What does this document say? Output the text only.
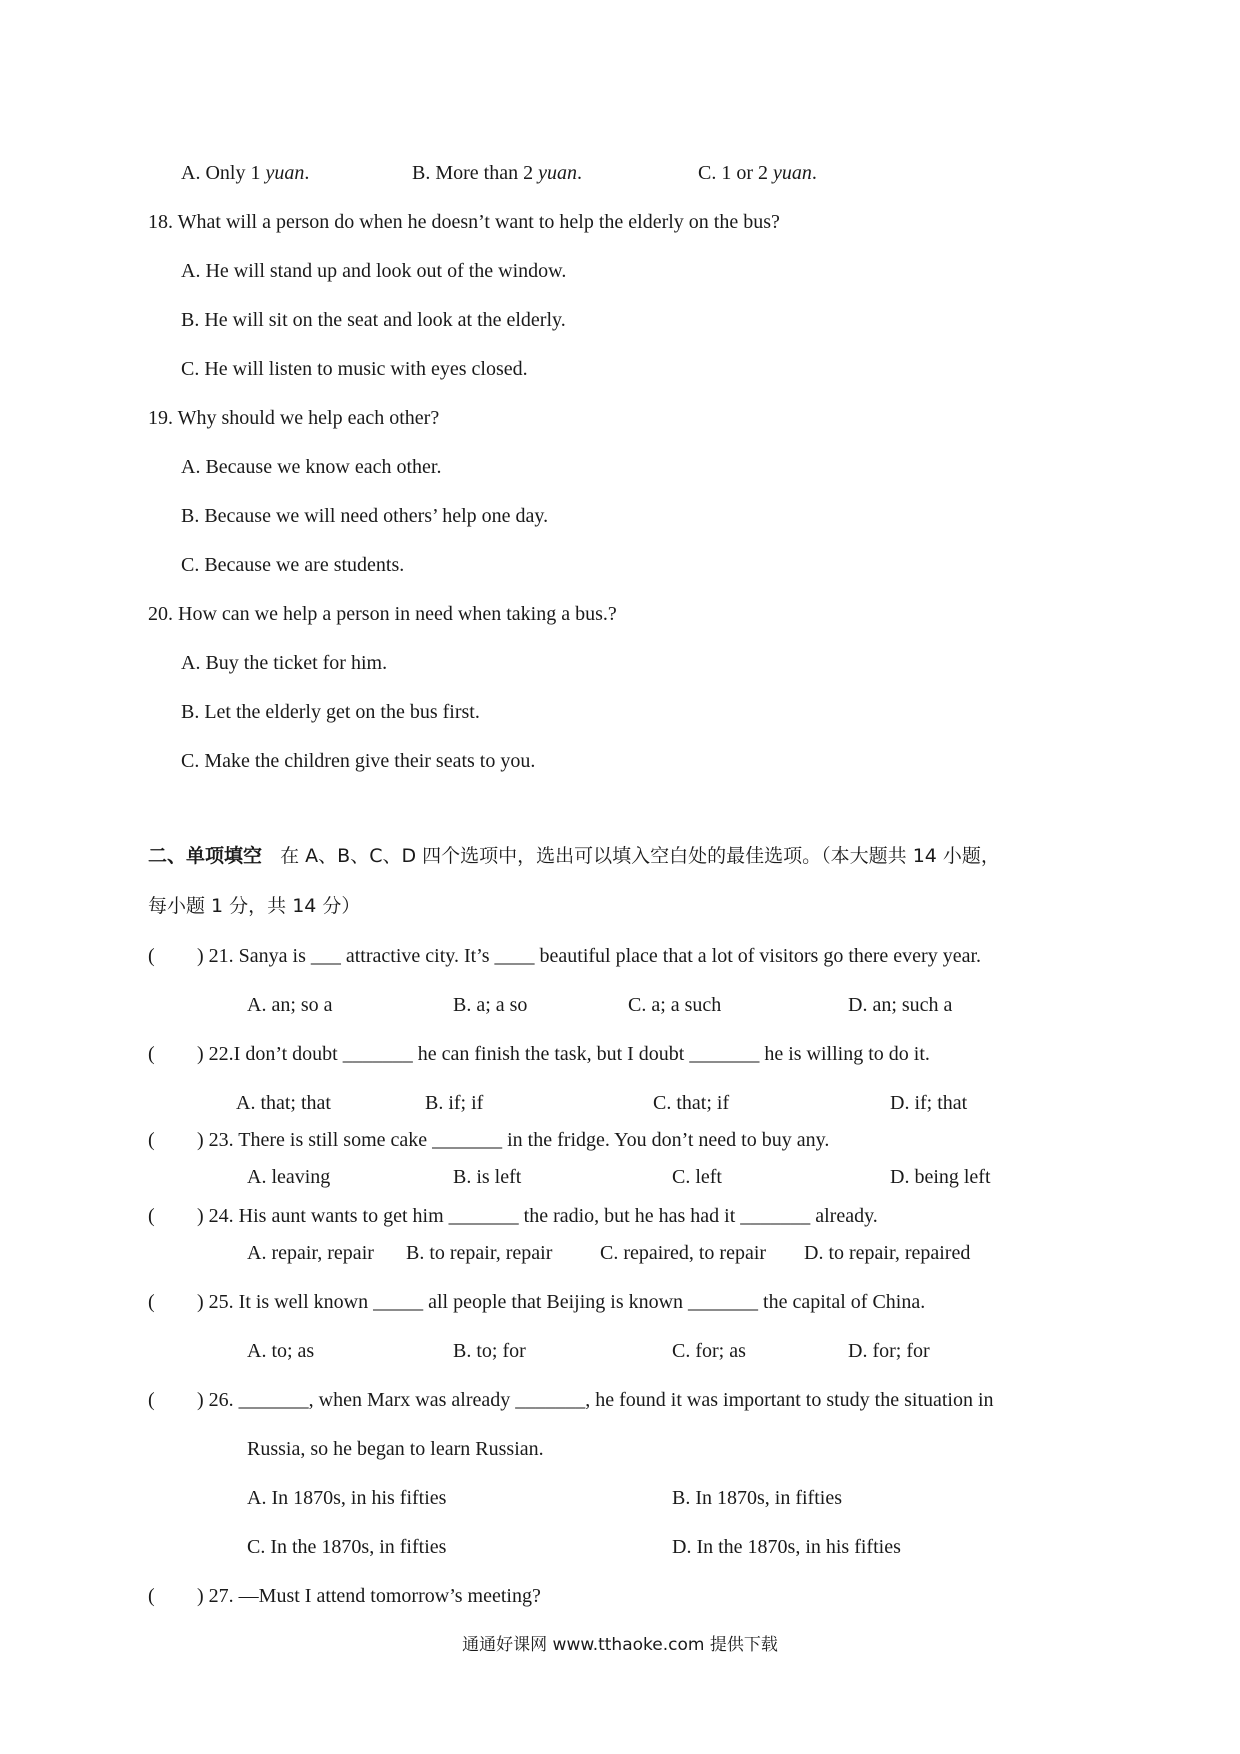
A. Only 1 yuan.	B. More than 2 yuan.	C. 1 or 2 yuan.
18. What will a person do when he doesn’t want to help the elderly on the bus?
A. He will stand up and look out of the window.
B. He will sit on the seat and look at the elderly.
C. He will listen to music with eyes closed.
19. Why should we help each other?
A. Because we know each other.
B. Because we will need others’ help one day.
C. Because we are students.
20. How can we help a person in need when taking a bus.?
A. Buy the ticket for him.
B. Let the elderly get on the bus first.
C. Make the children give their seats to you.
二、单项填空 在 A、B、C、D 四个选项中，选出可以填入空白处的最佳选项。（本大题共 14 小题，
每小题 1 分，共 14 分）
( ) 21. Sanya is ___ attractive city. It’s ____ beautiful place that a lot of visitors go there every year.
A. an; so a	B. a; a so	C. a; a such	D. an; such a
( ) 22.I don’t doubt _______ he can finish the task, but I doubt _______ he is willing to do it.
A. that; that	B. if; if	C. that; if	D. if; that
( ) 23. There is still some cake _______ in the fridge. You don’t need to buy any.
A. leaving	B. is left	C. left	D. being left
( ) 24. His aunt wants to get him _______ the radio, but he has had it _______ already.
A. repair, repair B. to repair, repair C. repaired, to repair D. to repair, repaired
( ) 25. It is well known _____ all people that Beijing is known _______ the capital of China.
A. to; as	B. to; for	C. for; as	D. for; for
( ) 26. _______, when Marx was already _______, he found it was important to study the situation in
Russia, so he began to learn Russian.
A. In 1870s, in his fifties	B. In 1870s, in fifties
C. In the 1870s, in fifties	D. In the 1870s, in his fifties
( ) 27. —Must I attend tomorrow’s meeting?
通通好课网 www.tthaoke.com 提供下载
